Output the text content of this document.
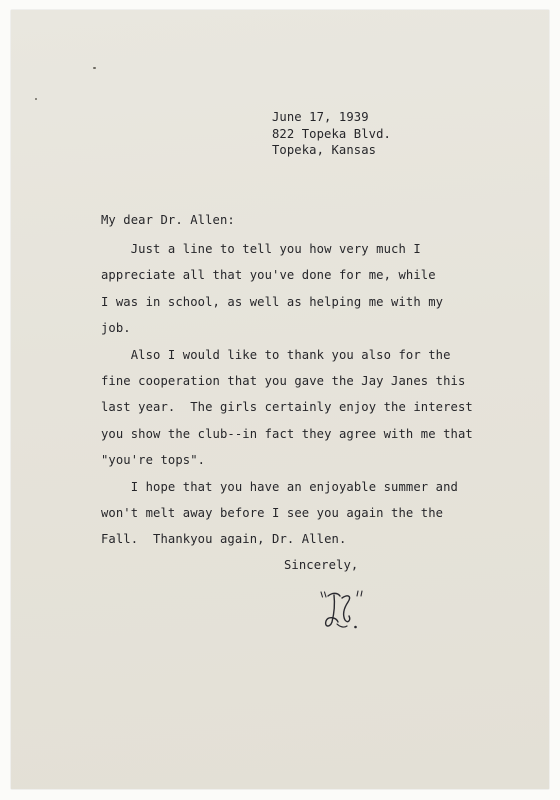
June 17, 1939
822 Topeka Blvd.
Topeka, Kansas
My dear Dr. Allen:
Just a line to tell you how very much I
appreciate all that you've done for me, while
I was in school, as well as helping me with my
job.
Also I would like to thank you also for the
fine cooperation that you gave the Jay Janes this
last year.  The girls certainly enjoy the interest
you show the club--in fact they agree with me that
"you're tops".
I hope that you have an enjoyable summer and
won't melt away before I see you again the the
Fall.  Thankyou again, Dr. Allen.
Sincerely,
